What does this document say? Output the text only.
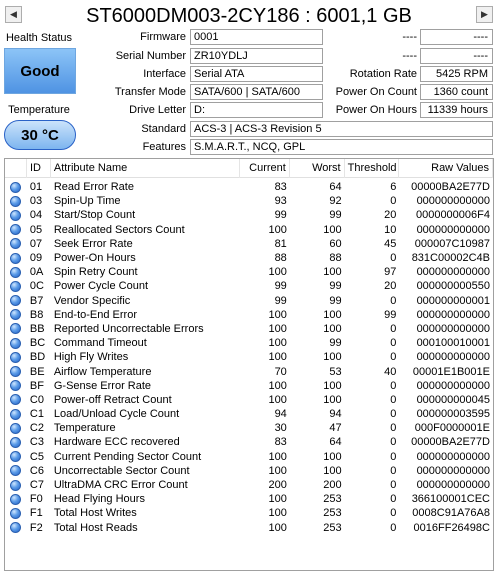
◀	ST6000DM003-2CY186 : 6001,1 GB	▶
Health Status
Good
Temperature
30 °C
Firmware 0001
Serial Number ZR10YDLJ
Interface Serial ATA
Transfer Mode SATA/600 | SATA/600
Drive Letter D:
Standard ACS-3 | ACS-3 Revision 5
Features S.M.A.R.T., NCQ, GPL
----	----
----	----
Rotation Rate	5425 RPM
Power On Count	1360 count
Power On Hours 11339 hours
ID	Attribute Name	Current	Worst Threshold	Raw Values
01	Read Error Rate	83	64	6	00000BA2E77D
03	Spin-Up Time	93	92	0	000000000000
04	Start/Stop Count	99	99	20	0000000006F4
05	Reallocated Sectors Count	100	100	10	000000000000
07	Seek Error Rate	81	60	45	000007C10987
09	Power-On Hours	88	88	0	831C00002C4B
0A Spin Retry Count	100	100	97	000000000000
0C Power Cycle Count	99	99	20	000000000550
B7 Vendor Specific	99	99	0	000000000001
B8 End-to-End Error	100	100	99	000000000000
BB Reported Uncorrectable Errors	100	100	0	000000000000
BC Command Timeout	100	99	0	000100010001
BD High Fly Writes	100	100	0	000000000000
BE Airflow Temperature	70	53	40	00001E1B001E
BF G-Sense Error Rate	100	100	0	000000000000
C0 Power-off Retract Count	100	100	0	000000000045
C1 Load/Unload Cycle Count	94	94	0	000000003595
C2 Temperature	30	47	0	000F0000001E
C3 Hardware ECC recovered	83	64	0	00000BA2E77D
C5 Current Pending Sector Count	100	100	0	000000000000
C6 Uncorrectable Sector Count	100	100	0	000000000000
C7 UltraDMA CRC Error Count	200	200	0	000000000000
F0	Head Flying Hours	100	253	0	366100001CEC
F1	Total Host Writes	100	253	0	0008C91A76A8
F2	Total Host Reads	100	253	0	0016FF26498C
